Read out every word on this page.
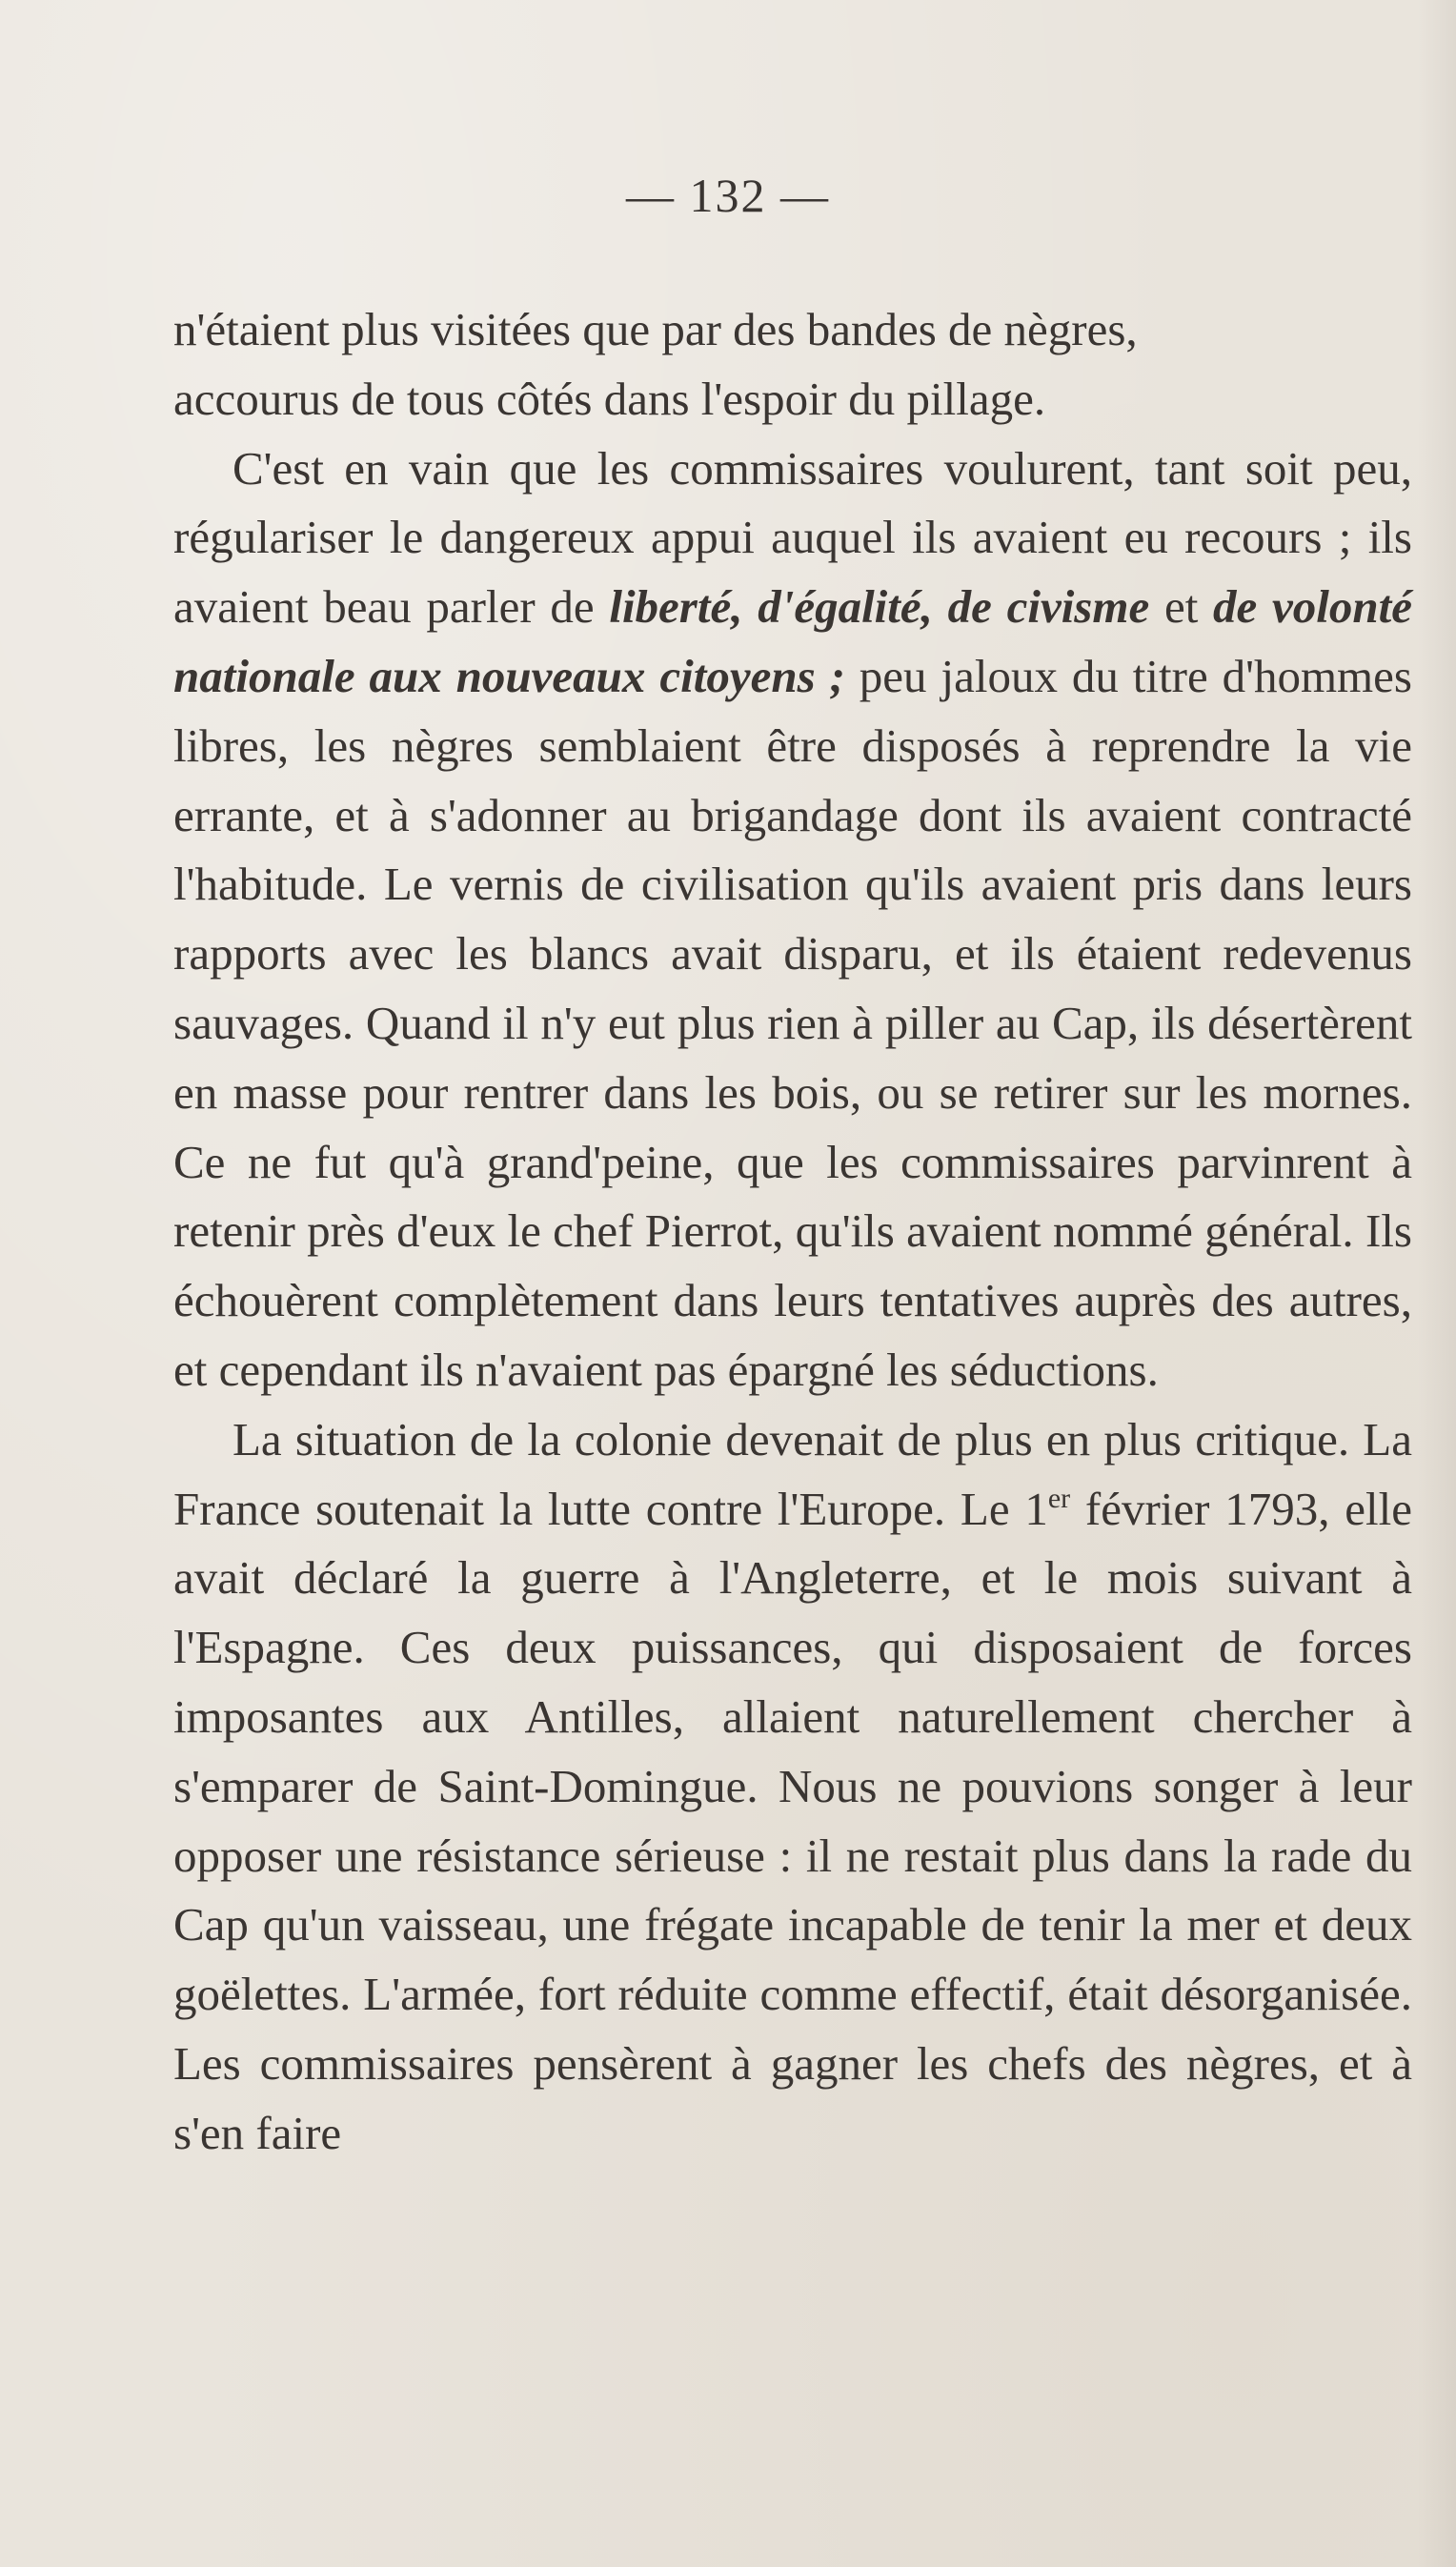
— 132 —

n'étaient plus visitées que par des bandes de nègres,
accourus de tous côtés dans l'espoir du pillage.

C'est en vain que les commissaires voulurent, tant soit peu, régulariser le dangereux appui auquel ils avaient eu recours ; ils avaient beau parler de liberté, d'égalité, de civisme et de volonté nationale aux nouveaux citoyens ; peu jaloux du titre d'hommes libres, les nègres semblaient être disposés à reprendre la vie errante, et à s'adonner au brigandage dont ils avaient contracté l'habitude. Le vernis de civilisation qu'ils avaient pris dans leurs rapports avec les blancs avait disparu, et ils étaient redevenus sauvages. Quand il n'y eut plus rien à piller au Cap, ils désertèrent en masse pour rentrer dans les bois, ou se retirer sur les mornes. Ce ne fut qu'à grand'peine, que les commissaires parvinrent à retenir près d'eux le chef Pierrot, qu'ils avaient nommé général. Ils échouèrent complètement dans leurs tentatives auprès des autres, et cependant ils n'avaient pas épargné les séductions.

La situation de la colonie devenait de plus en plus critique. La France soutenait la lutte contre l'Europe. Le 1er février 1793, elle avait déclaré la guerre à l'Angleterre, et le mois suivant à l'Espagne. Ces deux puissances, qui disposaient de forces imposantes aux Antilles, allaient naturellement chercher à s'emparer de Saint-Domingue. Nous ne pouvions songer à leur opposer une résistance sérieuse : il ne restait plus dans la rade du Cap qu'un vaisseau, une frégate incapable de tenir la mer et deux goëlettes. L'armée, fort réduite comme effectif, était désorganisée. Les commissaires pensèrent à gagner les chefs des nègres, et à s'en faire
